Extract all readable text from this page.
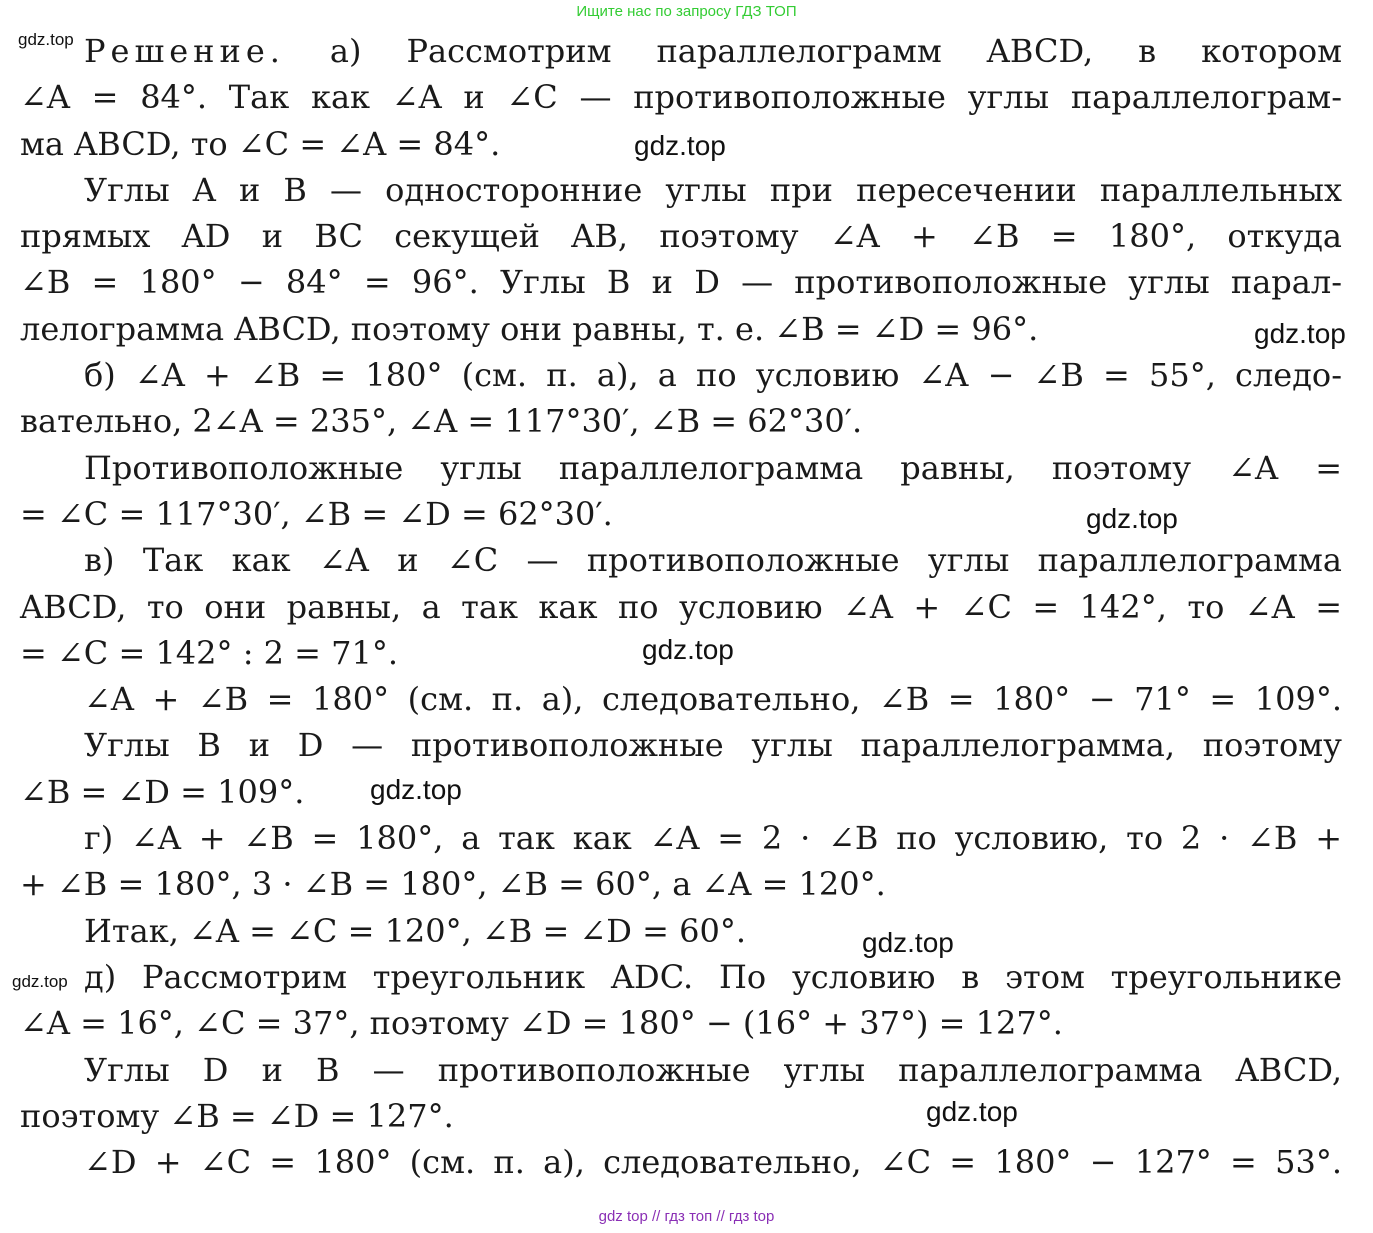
Ищите нас по запросу ГДЗ ТОП
Решение. а) Рассмотрим параллелограмм ABCD, в котором
∠A = 84°. Так как ∠A и ∠C — противоположные углы параллелограм-
ма ABCD, то ∠C = ∠A = 84°.
Углы A и B — односторонние углы при пересечении параллельных
прямых AD и BC секущей AB, поэтому ∠A + ∠B = 180°, откуда
∠B = 180° − 84° = 96°. Углы B и D — противоположные углы парал-
лелограмма ABCD, поэтому они равны, т. е. ∠B = ∠D = 96°.
б) ∠A + ∠B = 180° (см. п. а), а по условию ∠A − ∠B = 55°, следо-
вательно, 2∠A = 235°, ∠A = 117°30′, ∠B = 62°30′.
Противоположные углы параллелограмма равны, поэтому ∠A =
= ∠C = 117°30′, ∠B = ∠D = 62°30′.
в) Так как ∠A и ∠C — противоположные углы параллелограмма
ABCD, то они равны, а так как по условию ∠A + ∠C = 142°, то ∠A =
= ∠C = 142° : 2 = 71°.
∠A + ∠B = 180° (см. п. а), следовательно, ∠B = 180° − 71° = 109°.
Углы B и D — противоположные углы параллелограмма, поэтому
∠B = ∠D = 109°.
г) ∠A + ∠B = 180°, а так как ∠A = 2 · ∠B по условию, то 2 · ∠B +
+ ∠B = 180°, 3 · ∠B = 180°, ∠B = 60°, а ∠A = 120°.
Итак, ∠A = ∠C = 120°, ∠B = ∠D = 60°.
д) Рассмотрим треугольник ADC. По условию в этом треугольнике
∠A = 16°, ∠C = 37°, поэтому ∠D = 180° − (16° + 37°) = 127°.
Углы D и B — противоположные углы параллелограмма ABCD,
поэтому ∠B = ∠D = 127°.
∠D + ∠C = 180° (см. п. а), следовательно, ∠C = 180° − 127° = 53°.
gdz.top
gdz.top
gdz.top
gdz.top
gdz.top
gdz.top
gdz.top
gdz.top
gdz.top
gdz top // гдз топ // гдз top
